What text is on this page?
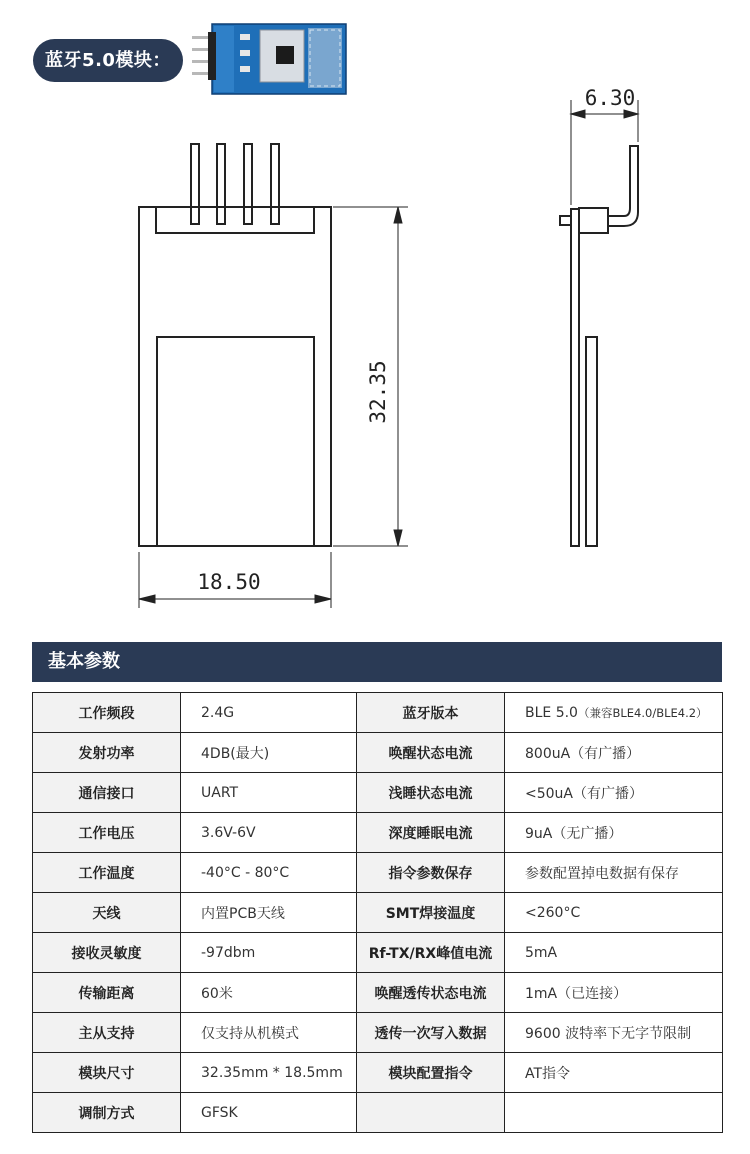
蓝牙5.0模块：
18.50
32.35
6.30
基本参数
工作频段	2.4G	蓝牙版本	BLE 5.0（兼容BLE4.0/BLE4.2）
发射功率	4DB(最大)	唤醒状态电流	800uA（有广播）
通信接口	UART	浅睡状态电流	<50uA（有广播）
工作电压	3.6V-6V	深度睡眠电流	9uA（无广播）
工作温度	-40°C - 80°C	指令参数保存	参数配置掉电数据有保存
天线	内置PCB天线	SMT焊接温度	<260°C
接收灵敏度	-97dbm	Rf-TX/RX峰值电流	5mA
传输距离	60米	唤醒透传状态电流	1mA（已连接）
主从支持	仅支持从机模式	透传一次写入数据	9600 波特率下无字节限制
模块尺寸	32.35mm * 18.5mm	模块配置指令	AT指令
调制方式	GFSK		
